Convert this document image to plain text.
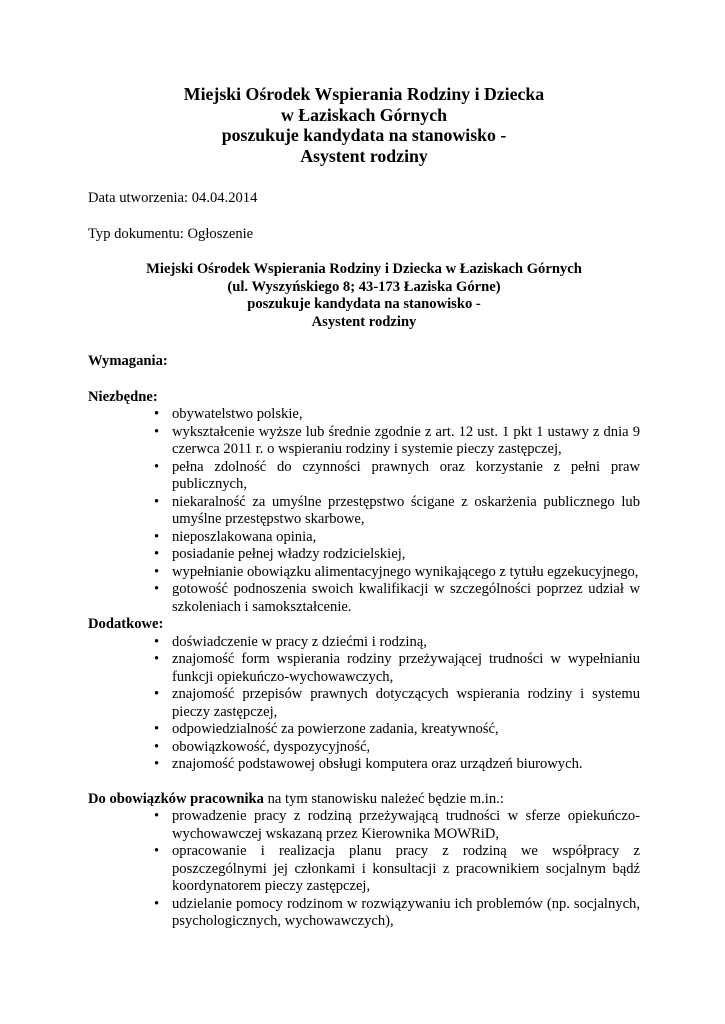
Miejski Ośrodek Wspierania Rodziny i Dziecka
w Łaziskach Górnych
poszukuje kandydata na stanowisko -
Asystent rodziny

Data utworzenia: 04.04.2014

Typ dokumentu: Ogłoszenie

Miejski Ośrodek Wspierania Rodziny i Dziecka w Łaziskach Górnych
(ul. Wyszyńskiego 8; 43-173 Łaziska Górne)
poszukuje kandydata na stanowisko -
Asystent rodziny

Wymagania:

Niezbędne:

• obywatelstwo polskie,
• wykształcenie wyższe lub średnie zgodnie z art. 12 ust. 1 pkt 1 ustawy z dnia 9 czerwca 2011 r. o wspieraniu rodziny i systemie pieczy zastępczej,
• pełna zdolność do czynności prawnych oraz korzystanie z pełni praw publicznych,
• niekaralność za umyślne przestępstwo ścigane z oskarżenia publicznego lub umyślne przestępstwo skarbowe,
• nieposzlakowana opinia,
• posiadanie pełnej władzy rodzicielskiej,
• wypełnianie obowiązku alimentacyjnego wynikającego z tytułu egzekucyjnego,
• gotowość podnoszenia swoich kwalifikacji w szczególności poprzez udział w szkoleniach i samokształcenie.

Dodatkowe:

• doświadczenie w pracy z dziećmi i rodziną,
• znajomość form wspierania rodziny przeżywającej trudności w wypełnianiu funkcji opiekuńczo-wychowawczych,
• znajomość przepisów prawnych dotyczących wspierania rodziny i systemu pieczy zastępczej,
• odpowiedzialność za powierzone zadania, kreatywność,
• obowiązkowość, dyspozycyjność,
• znajomość podstawowej obsługi komputera oraz urządzeń biurowych.

Do obowiązków pracownika na tym stanowisku należeć będzie m.in.:

• prowadzenie pracy z rodziną przeżywającą trudności w sferze opiekuńczo-wychowawczej wskazaną przez Kierownika MOWRiD,
• opracowanie i realizacja planu pracy z rodziną we współpracy z poszczególnymi jej członkami i konsultacji z pracownikiem socjalnym bądź koordynatorem pieczy zastępczej,
• udzielanie pomocy rodzinom w rozwiązywaniu ich problemów (np. socjalnych, psychologicznych, wychowawczych),
